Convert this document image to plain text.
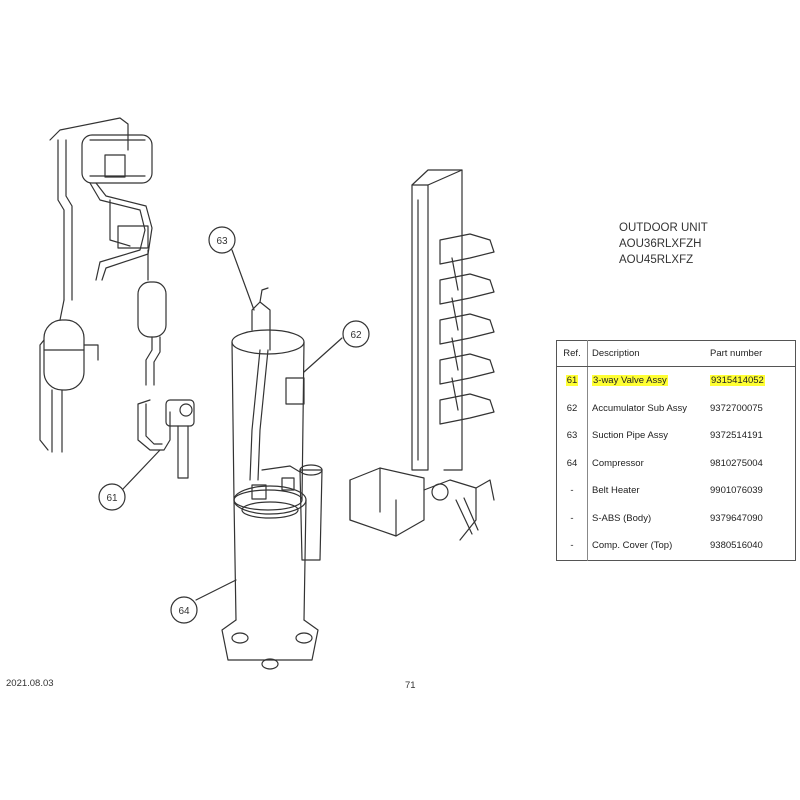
61
62
63
64
OUTDOOR UNIT
AOU36RLXFZH
AOU45RLXFZ
Ref.	Description	Part number
61	3-way Valve Assy	9315414052
62	Accumulator Sub Assy	9372700075
63	Suction Pipe Assy	9372514191
64	Compressor	9810275004
-	Belt Heater	9901076039
-	S-ABS (Body)	9379647090
-	Comp. Cover (Top)	9380516040
2021.08.03	71
